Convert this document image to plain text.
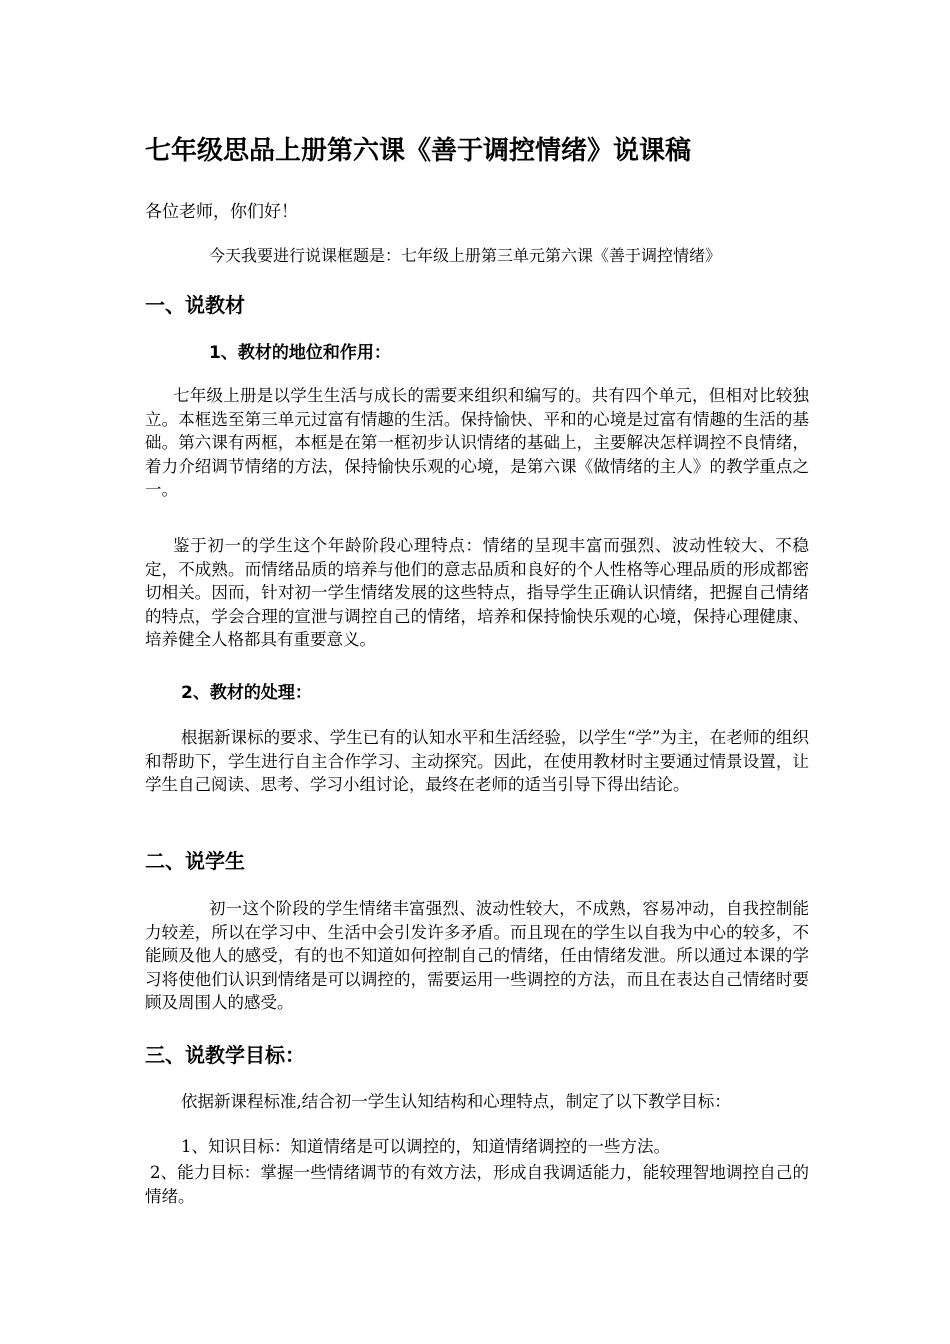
七年级思品上册第六课《善于调控情绪》说课稿
各位老师，你们好！
今天我要进行说课框题是：七年级上册第三单元第六课《善于调控情绪》
一、说教材
1、教材的地位和作用：

七年级上册是以学生生活与成长的需要来组织和编写的。共有四个单元，但相对比较独立。本框选至第三单元过富有情趣的生活。保持愉快、平和的心境是过富有情趣的生活的基础。第六课有两框，本框是在第一框初步认识情绪的基础上，主要解决怎样调控不良情绪，着力介绍调节情绪的方法，保持愉快乐观的心境，是第六课《做情绪的主人》的教学重点之一。

鉴于初一的学生这个年龄阶段心理特点：情绪的呈现丰富而强烈、波动性较大、不稳定，不成熟。而情绪品质的培养与他们的意志品质和良好的个人性格等心理品质的形成都密切相关。因而，针对初一学生情绪发展的这些特点，指导学生正确认识情绪，把握自己情绪的特点，学会合理的宣泄与调控自己的情绪，培养和保持愉快乐观的心境，保持心理健康、培养健全人格都具有重要意义。

2、教材的处理：

根据新课标的要求、学生已有的认知水平和生活经验，以学生“学”为主，在老师的组织和帮助下，学生进行自主合作学习、主动探究。因此，在使用教材时主要通过情景设置，让学生自己阅读、思考、学习小组讨论，最终在老师的适当引导下得出结论。

二、说学生

初一这个阶段的学生情绪丰富强烈、波动性较大，不成熟，容易冲动，自我控制能力较差，所以在学习中、生活中会引发许多矛盾。而且现在的学生以自我为中心的较多，不能顾及他人的感受，有的也不知道如何控制自己的情绪，任由情绪发泄。所以通过本课的学习将使他们认识到情绪是可以调控的，需要运用一些调控的方法，而且在表达自己情绪时要顾及周围人的感受。

三、说教学目标：
依据新课程标准,结合初一学生认知结构和心理特点，制定了以下教学目标：
1、知识目标：知道情绪是可以调控的，知道情绪调控的一些方法。

2、能力目标：掌握一些情绪调节的有效方法，形成自我调适能力，能较理智地调控自己的情绪。
